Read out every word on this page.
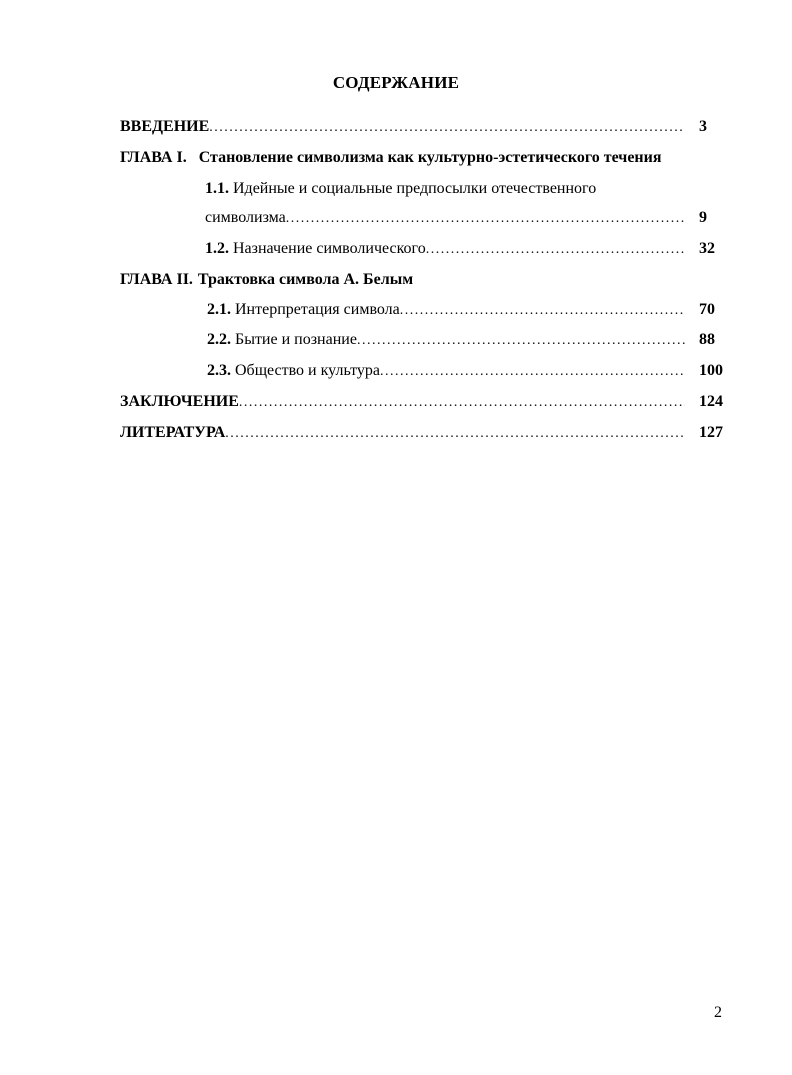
СОДЕРЖАНИЕ
ВВЕДЕНИЕ .....	3
ГЛАВА I. Становление символизма как культурно-эстетического течения
1.1. Идейные и социальные предпосылки отечественного
символизма .....	9
1.2. Назначение символического .....	32
ГЛАВА II. Трактовка символа А. Белым
2.1. Интерпретация символа .....	70
2.2. Бытие и познание .....	88
2.3. Общество и культура .....	100
ЗАКЛЮЧЕНИЕ .....	124
ЛИТЕРАТУРА .....	127
2
